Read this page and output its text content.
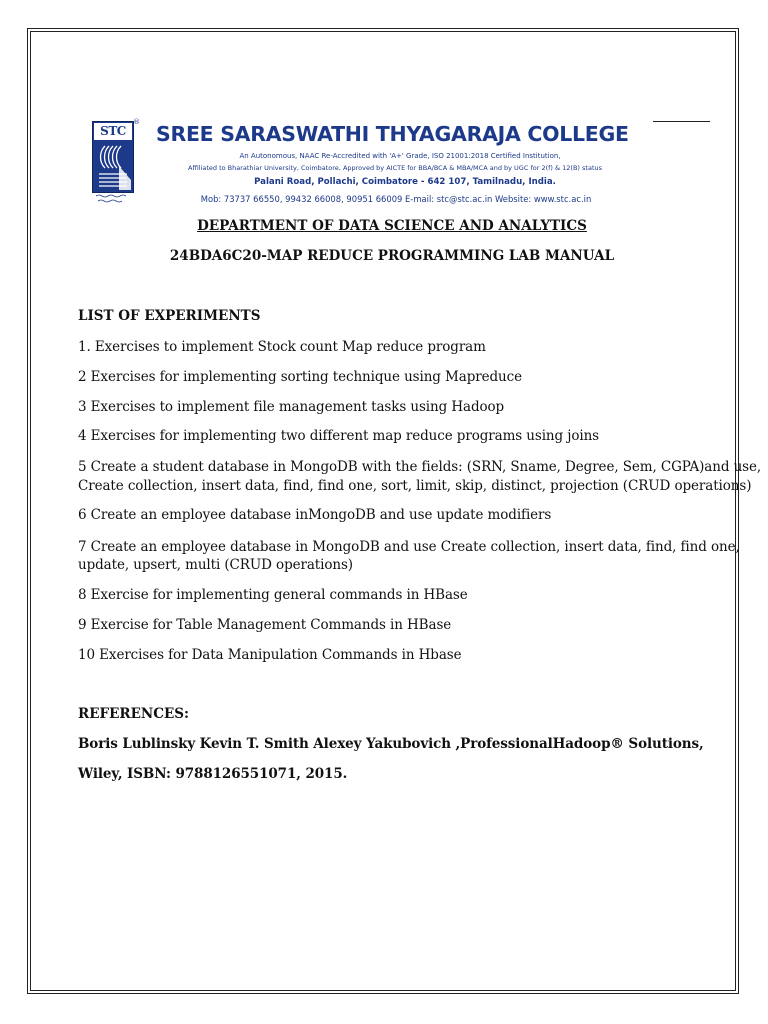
STC
® SREE SARASWATHI THYAGARAJA COLLEGE
An Autonomous, NAAC Re-Accredited with 'A+' Grade, ISO 21001:2018 Certified Institution,
Affiliated to Bharathiar University, Coimbatore, Approved by AICTE for BBA/BCA & MBA/MCA and by UGC for 2(f) & 12(B) status
Palani Road, Pollachi, Coimbatore - 642 107, Tamilnadu, India.
Mob: 73737 66550, 99432 66008, 90951 66009 E-mail: stc@stc.ac.in Website: www.stc.ac.in
DEPARTMENT OF DATA SCIENCE AND ANALYTICS
24BDA6C20-MAP REDUCE PROGRAMMING LAB MANUAL
LIST OF EXPERIMENTS
1. Exercises to implement Stock count Map reduce program
2 Exercises for implementing sorting technique using Mapreduce
3 Exercises to implement file management tasks using Hadoop
4 Exercises for implementing two different map reduce programs using joins
5 Create a student database in MongoDB with the fields: (SRN, Sname, Degree, Sem, CGPA)and use,
Create collection, insert data, find, find one, sort, limit, skip, distinct, projection (CRUD operations)
6 Create an employee database inMongoDB and use update modifiers
7 Create an employee database in MongoDB and use Create collection, insert data, find, find one,
update, upsert, multi (CRUD operations)
8 Exercise for implementing general commands in HBase
9 Exercise for Table Management Commands in HBase
10 Exercises for Data Manipulation Commands in Hbase
REFERENCES:
Boris Lublinsky Kevin T. Smith Alexey Yakubovich ,ProfessionalHadoop® Solutions,
Wiley, ISBN: 9788126551071, 2015.
